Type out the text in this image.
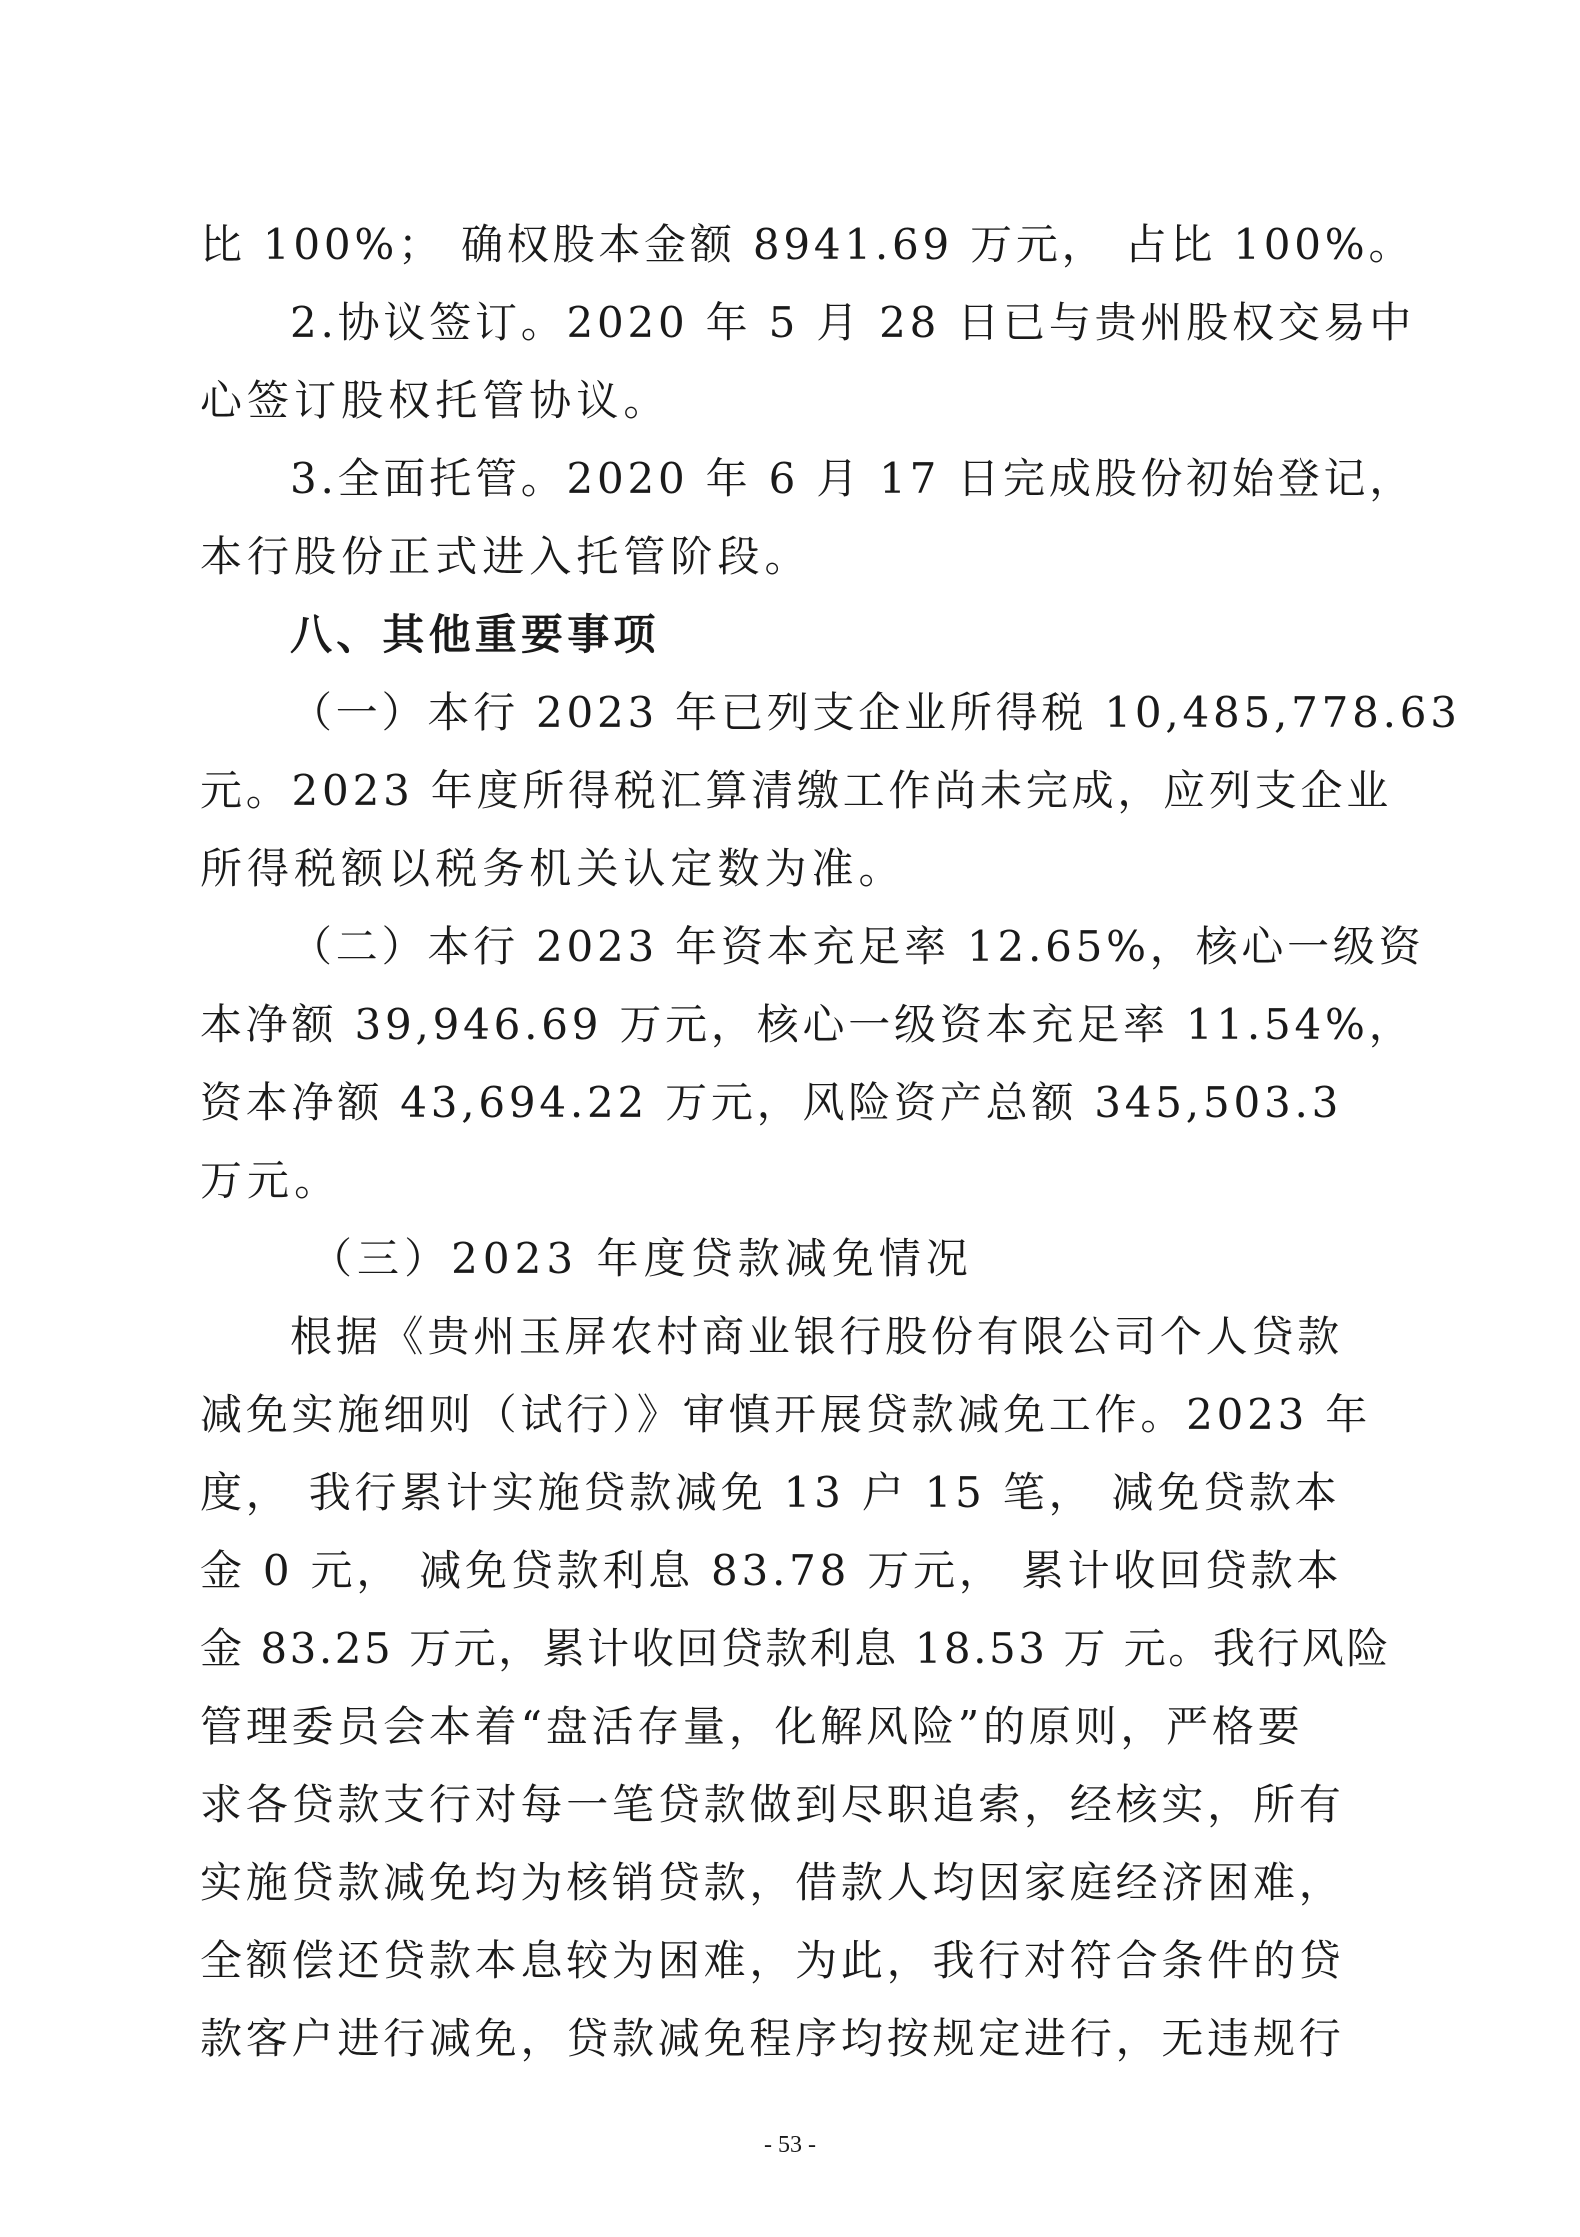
比 100%； 确权股本金额 8941.69 万元， 占比 100%。
2.协议签订。2020 年 5 月 28 日已与贵州股权交易中
心签订股权托管协议。
3.全面托管。2020 年 6 月 17 日完成股份初始登记，
本行股份正式进入托管阶段。
八、其他重要事项
（一）本行 2023 年已列支企业所得税 10,485,778.63
元。2023 年度所得税汇算清缴工作尚未完成，应列支企业
所得税额以税务机关认定数为准。
（二）本行 2023 年资本充足率 12.65%，核心一级资
本净额 39,946.69 万元，核心一级资本充足率 11.54%，
资本净额 43,694.22 万元，风险资产总额 345,503.3
万元。
（三）2023 年度贷款减免情况
根据《贵州玉屏农村商业银行股份有限公司个人贷款
减免实施细则（试行）》审慎开展贷款减免工作。2023 年
度， 我行累计实施贷款减免 13 户 15 笔， 减免贷款本
金 0 元， 减免贷款利息 83.78 万元， 累计收回贷款本
金 83.25 万元，累计收回贷款利息 18.53 万 元。我行风险
管理委员会本着“盘活存量，化解风险”的原则，严格要
求各贷款支行对每一笔贷款做到尽职追索，经核实，所有
实施贷款减免均为核销贷款，借款人均因家庭经济困难，
全额偿还贷款本息较为困难，为此，我行对符合条件的贷
款客户进行减免，贷款减免程序均按规定进行，无违规行
- 53 -
